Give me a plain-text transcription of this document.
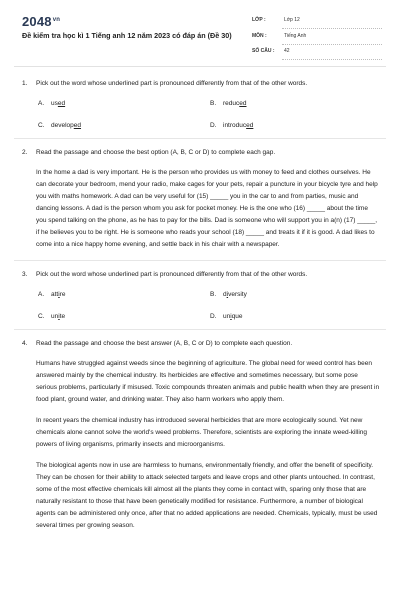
$2048^{vn}$
Đề kiểm tra học kì 1 Tiếng anh 12 năm 2023 có đáp án (Đề 30)
LỚP :	Lớp 12
MÔN :	Tiếng Anh
SỐ CÂU : 42
1. Pick out the word whose underlined part is pronounced differently from that of the other words.
A. used	B. reduced
C. developed	D. introduced
2. Read the passage and choose the best option (A, B, C or D) to complete each gap.

In the home a dad is very important. He is the person who provides us with money to feed and clothes ourselves. He can decorate your bedroom, mend your radio, make cages for your pets, repair a puncture in your bicycle tyre and help you with maths homework. A dad can be very useful for (15) _____ you in the car to and from parties, music and dancing lessons. A dad is the person whom you ask for pocket money. He is the one who (16) _____ about the time you spend talking on the phone, as he has to pay for the bills. Dad is someone who will support you in a(n) (17) _____, if he believes you to be right. He is someone who reads your school (18) _____ and treats it if it is good. A dad likes to come into a nice happy home evening, and settle back in his chair with a newspaper.

3. Pick out the word whose underlined part is pronounced differently from that of the other words.
A. attire	B. diversity
C. unite	D. unique
4. Read the passage and choose the best answer (A, B, C or D) to complete each question.

Humans have struggled against weeds since the beginning of agriculture. The global need for weed control has been answered mainly by the chemical industry. Its herbicides are effective and sometimes necessary, but some pose serious problems, particularly if misused. Toxic compounds threaten animals and public health when they are present in food plant, ground water, and drinking water. They also harm workers who apply them.

In recent years the chemical industry has introduced several herbicides that are more ecologically sound. Yet new chemicals alone cannot solve the world's weed problems. Therefore, scientists are exploring the innate weed-killing powers of living organisms, primarily insects and microorganisms.

The biological agents now in use are harmless to humans, environmentally friendly, and offer the benefit of specificity. They can be chosen for their ability to attack selected targets and leave crops and other plants untouched. In contrast, some of the most effective chemicals kill almost all the plants they come in contact with, sparing only those that are naturally resistant to those that have been genetically modified for resistance. Furthermore, a number of biological agents can be administered only once, after that no added applications are needed. Chemicals, typically, must be used several times per growing season.
